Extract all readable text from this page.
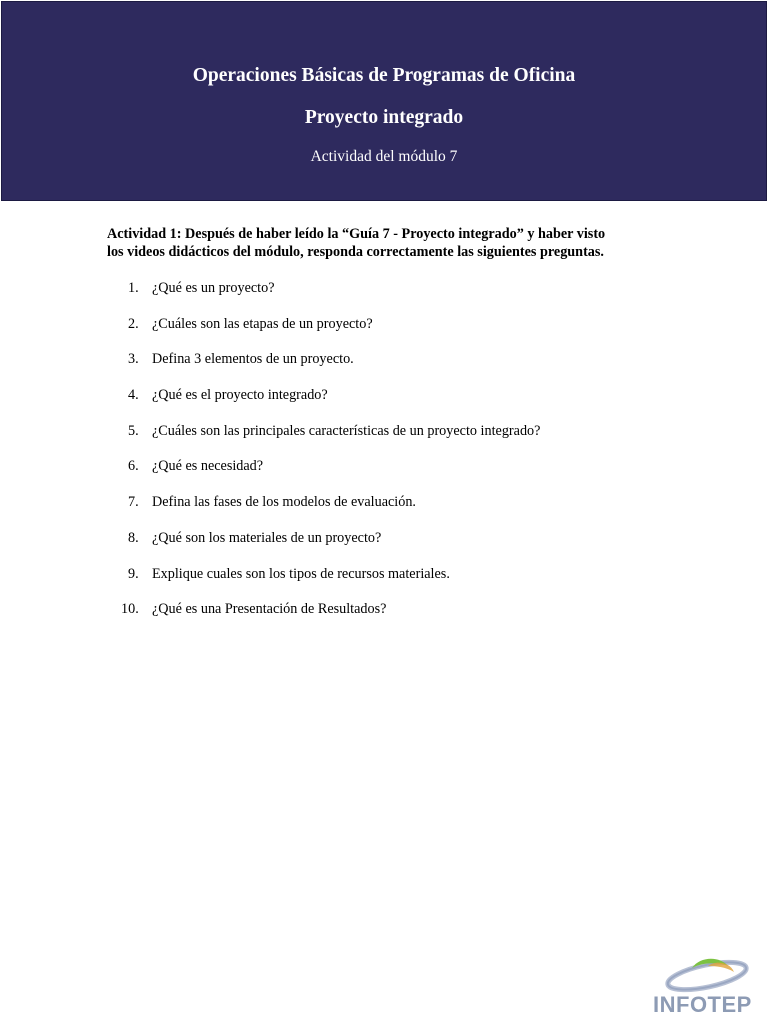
Operaciones Básicas de Programas de Oficina
Proyecto integrado
Actividad del módulo 7
Actividad 1: Después de haber leído la “Guía 7 - Proyecto integrado” y haber visto
los videos didácticos del módulo, responda correctamente las siguientes preguntas.
1. ¿Qué es un proyecto?
2. ¿Cuáles son las etapas de un proyecto?
3. Defina 3 elementos de un proyecto.
4. ¿Qué es el proyecto integrado?
5. ¿Cuáles son las principales características de un proyecto integrado?
6. ¿Qué es necesidad?
7. Defina las fases de los modelos de evaluación.
8. ¿Qué son los materiales de un proyecto?
9. Explique cuales son los tipos de recursos materiales.
10. ¿Qué es una Presentación de Resultados?
INFOTEP
